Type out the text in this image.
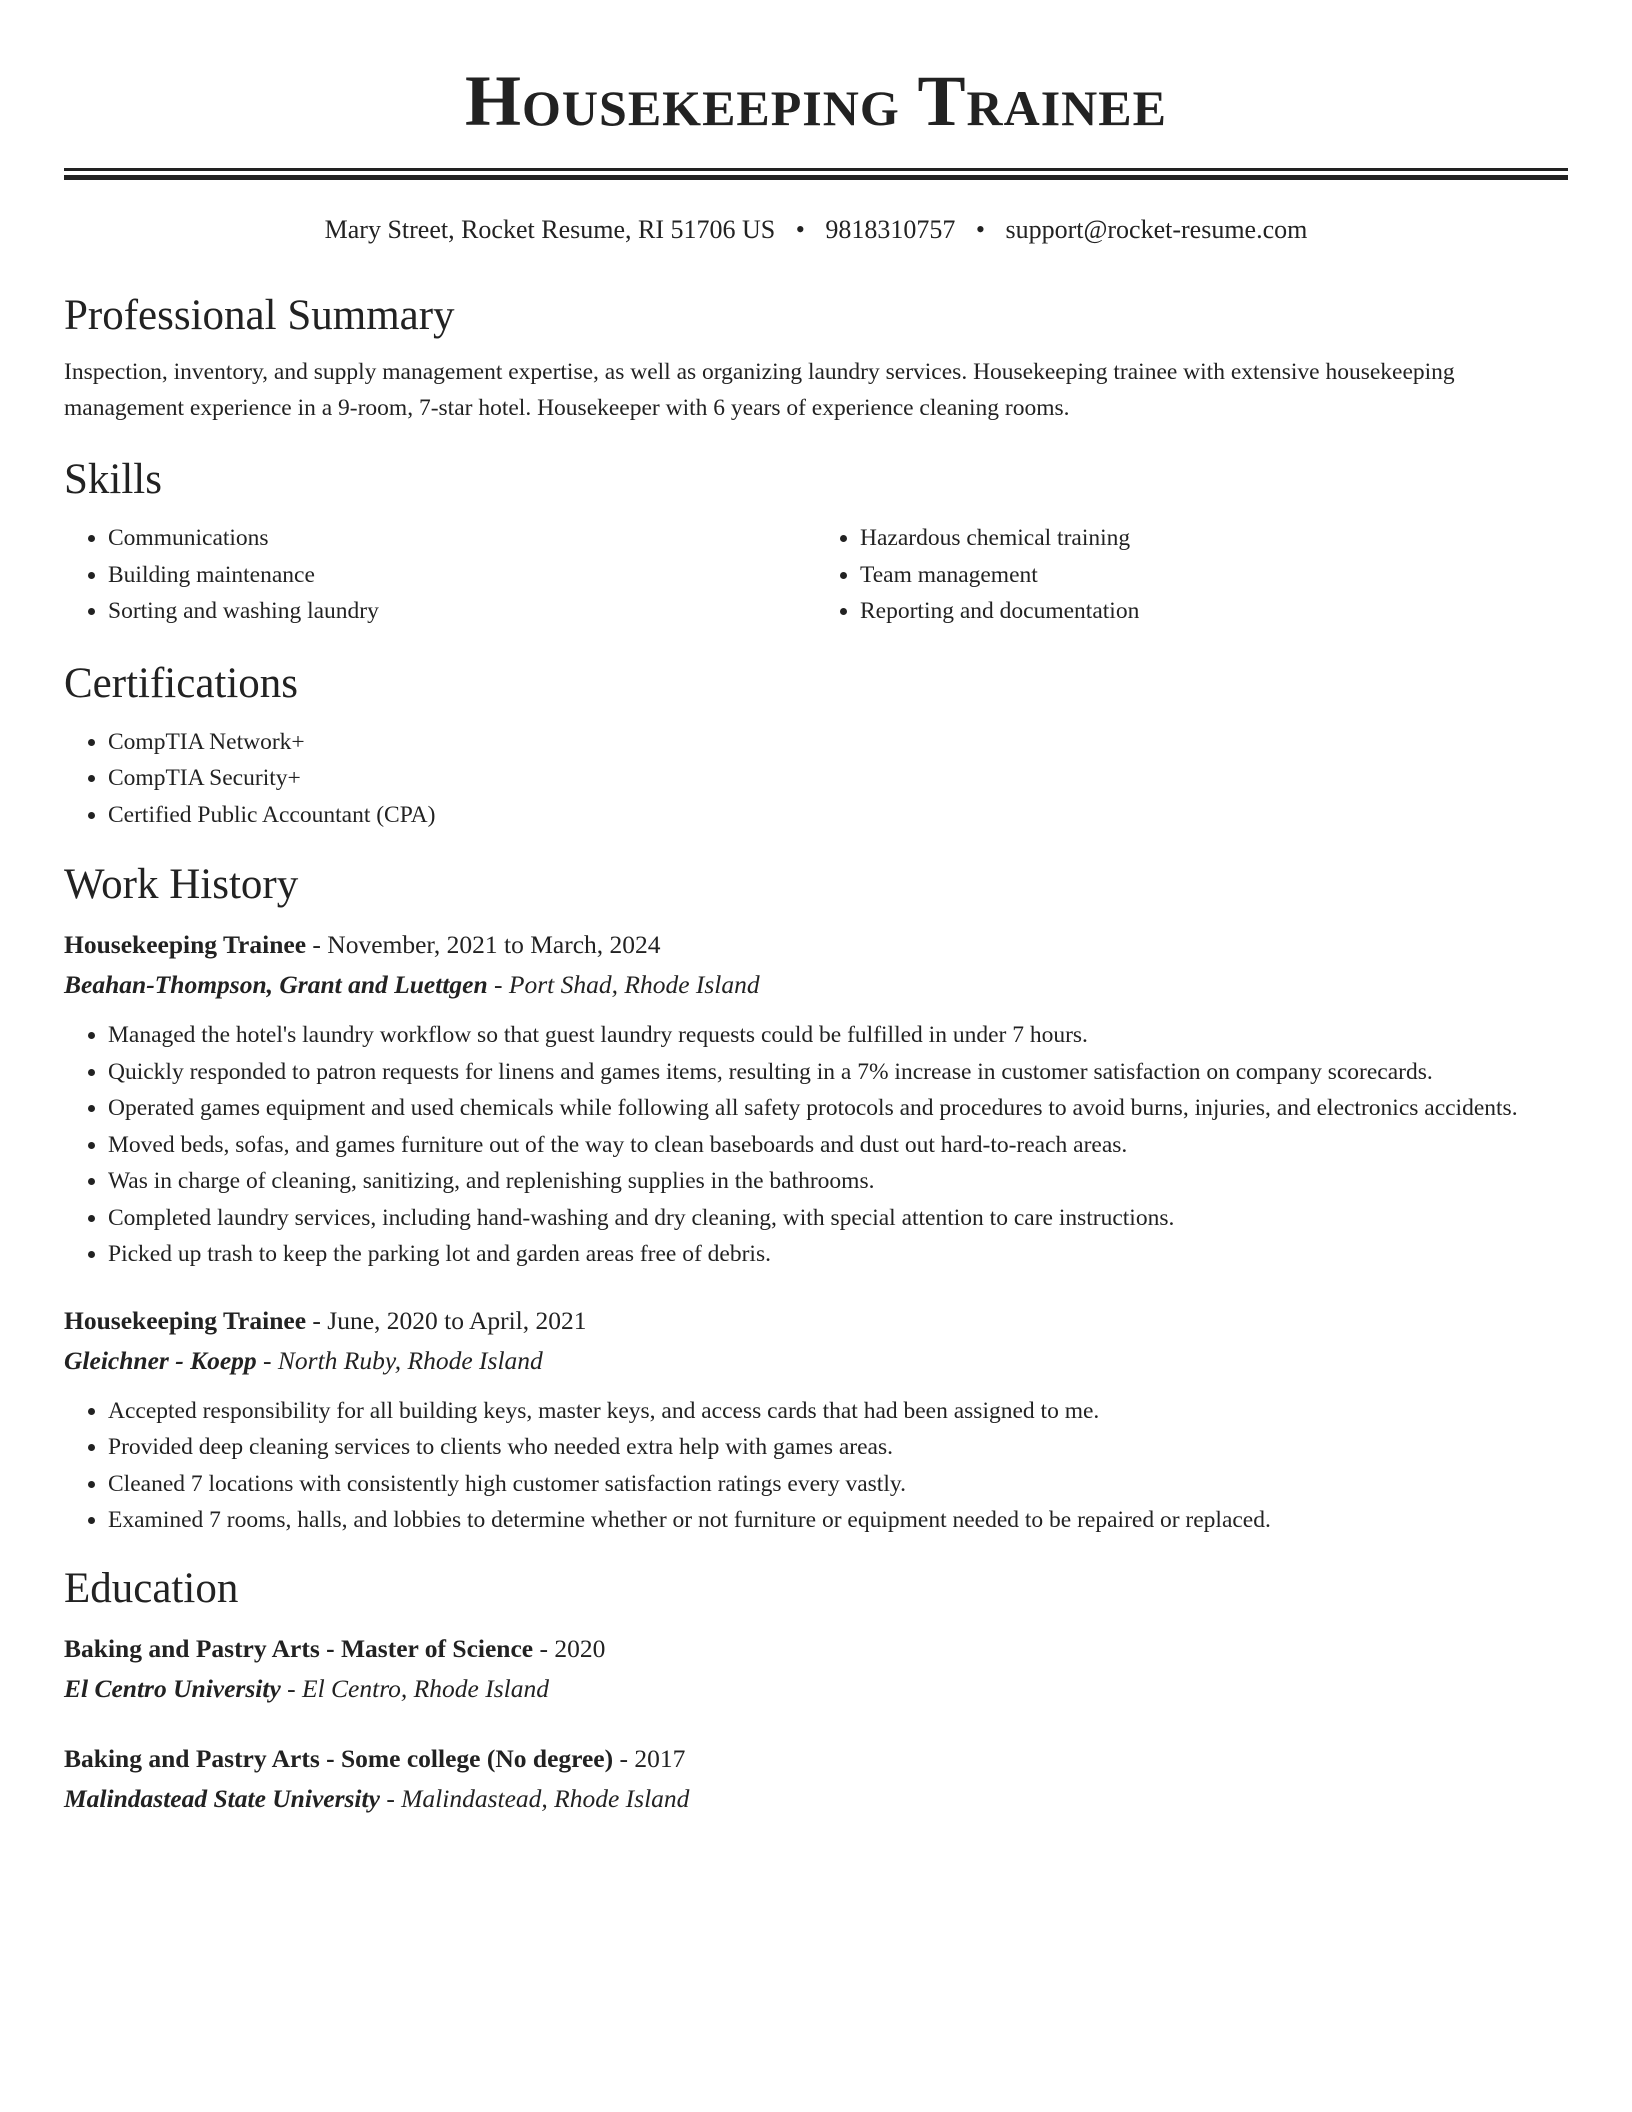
Housekeeping Trainee
Mary Street, Rocket Resume, RI 51706 US • 9818310757 • support@rocket-resume.com
Professional Summary
Inspection, inventory, and supply management expertise, as well as organizing laundry services. Housekeeping trainee with extensive housekeeping management experience in a 9-room, 7-star hotel. Housekeeper with 6 years of experience cleaning rooms.
Skills
• Communications
• Building maintenance
• Sorting and washing laundry
• Hazardous chemical training
• Team management
• Reporting and documentation
Certifications
• CompTIA Network+
• CompTIA Security+
• Certified Public Accountant (CPA)
Work History
Housekeeping Trainee - November, 2021 to March, 2024
Beahan-Thompson, Grant and Luettgen - Port Shad, Rhode Island
• Managed the hotel's laundry workflow so that guest laundry requests could be fulfilled in under 7 hours.
• Quickly responded to patron requests for linens and games items, resulting in a 7% increase in customer satisfaction on company scorecards.
• Operated games equipment and used chemicals while following all safety protocols and procedures to avoid burns, injuries, and electronics accidents.
• Moved beds, sofas, and games furniture out of the way to clean baseboards and dust out hard-to-reach areas.
• Was in charge of cleaning, sanitizing, and replenishing supplies in the bathrooms.
• Completed laundry services, including hand-washing and dry cleaning, with special attention to care instructions.
• Picked up trash to keep the parking lot and garden areas free of debris.
Housekeeping Trainee - June, 2020 to April, 2021
Gleichner - Koepp - North Ruby, Rhode Island
• Accepted responsibility for all building keys, master keys, and access cards that had been assigned to me.
• Provided deep cleaning services to clients who needed extra help with games areas.
• Cleaned 7 locations with consistently high customer satisfaction ratings every vastly.
• Examined 7 rooms, halls, and lobbies to determine whether or not furniture or equipment needed to be repaired or replaced.
Education
Baking and Pastry Arts - Master of Science - 2020
El Centro University - El Centro, Rhode Island
Baking and Pastry Arts - Some college (No degree) - 2017
Malindastead State University - Malindastead, Rhode Island
